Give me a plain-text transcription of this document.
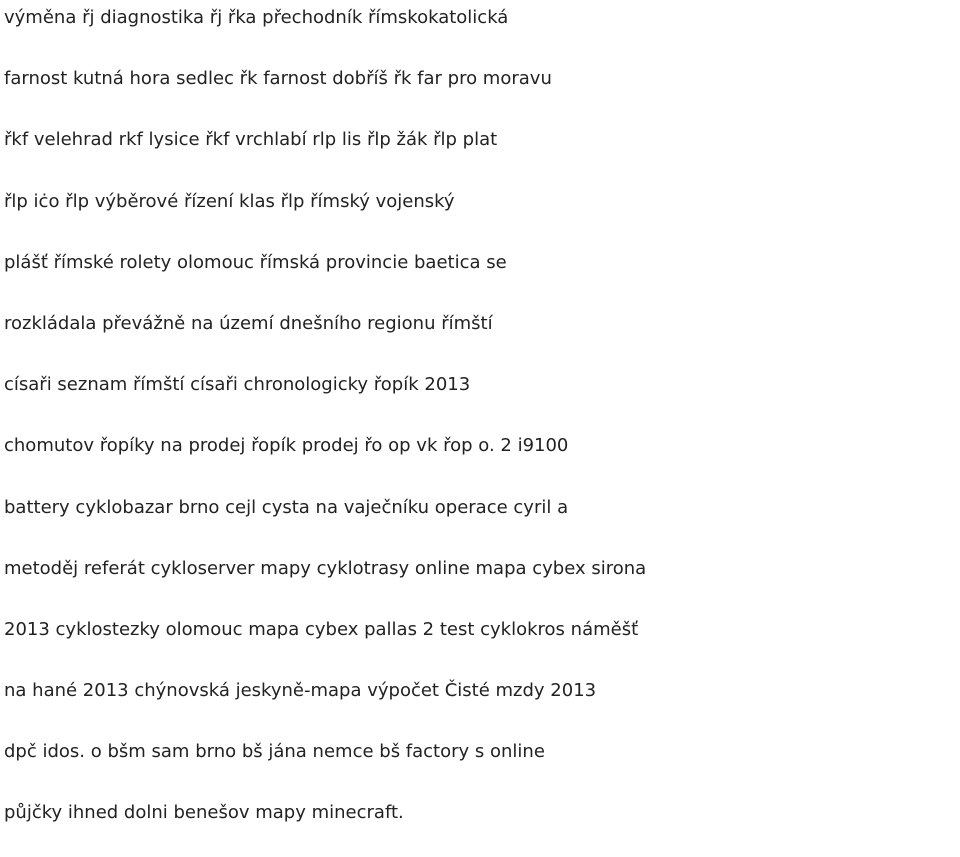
výměna řj diagnostika řj řka přechodník římskokatolická
farnost kutná hora sedlec řk farnost dobříš řk far pro moravu
řkf velehrad rkf lysice řkf vrchlabí rlp lis řlp žák řlp plat
řlp iċo řlp výběrové řízení klas řlp římský vojenský
plášť římské rolety olomouc římská provincie baetica se
rozkládala převážně na území dnešního regionu římští
císaři seznam římští císaři chronologicky řopík 2013
chomutov řopíky na prodej řopík prodej řo op vk řop o. 2 i9100
battery cyklobazar brno cejl cysta na vaječníku operace cyril a
metoděj referát cykloserver mapy cyklotrasy online mapa cybex sirona
2013 cyklostezky olomouc mapa cybex pallas 2 test cyklokros náměšť
na hané 2013 chýnovská jeskyně-mapa výpočet Čisté mzdy 2013
dpč idos. o bšm sam brno bš jána nemce bš factory s online
půjčky ihned dolni benešov mapy minecraft.
